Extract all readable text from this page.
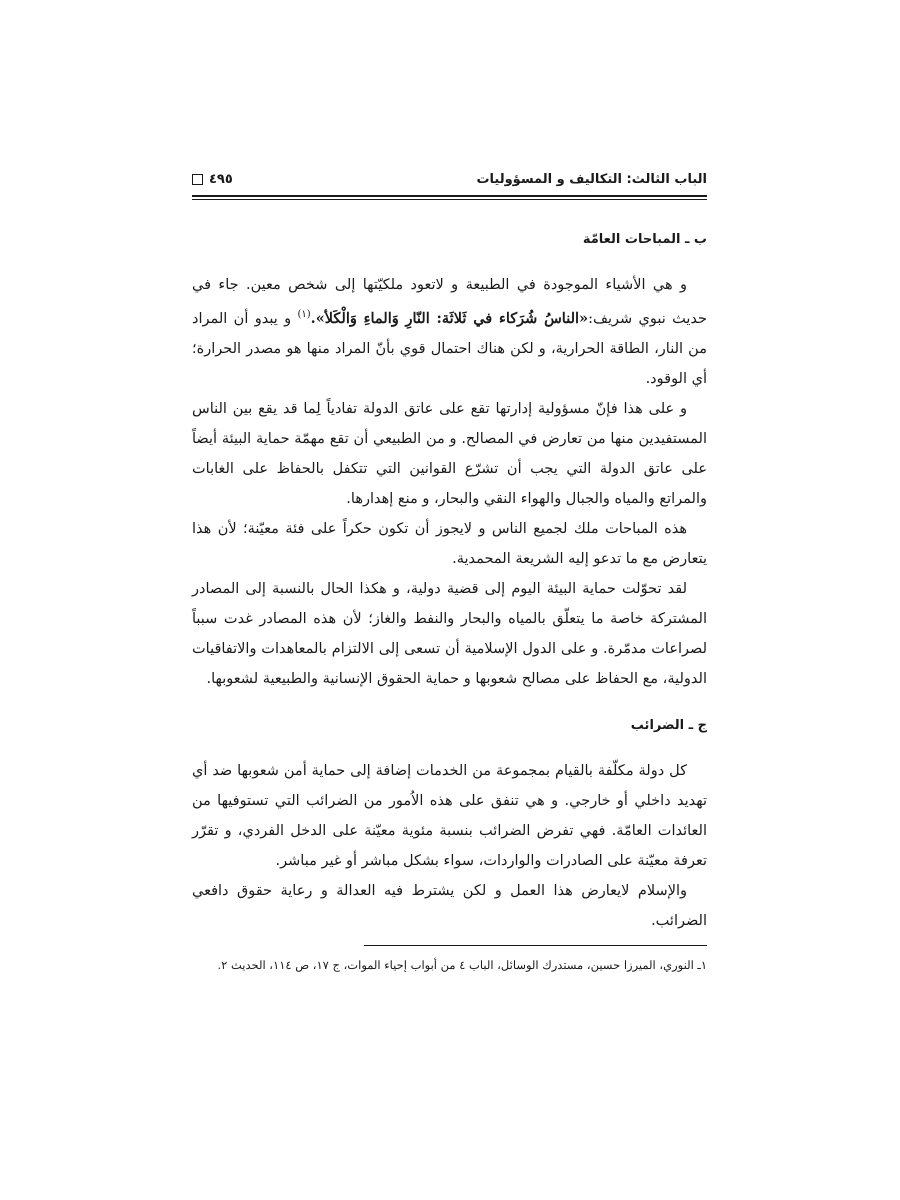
الباب الثالث: التكاليف و المسؤوليات
٤٩٥
ب ـ المباحات العامّة

و هي الأشياء الموجودة في الطبيعة و لاتعود ملكيّتها إلى شخص معين. جاء في حديث نبوي شريف:«الناسُ شُرَكاء في ثَلاثَة: النّارِ وَالماءِ وَالْكَلأ».$^{(١)}$ و يبدو أن المراد من النار، الطاقة الحرارية، و لكن هناك احتمال قوي بأنّ المراد منها هو مصدر الحرارة؛ أي الوقود.

و على هذا فإنّ مسؤولية إدارتها تقع على عاتق الدولة تفادياً لِما قد يقع بين الناس المستفيدين منها من تعارض في المصالح. و من الطبيعي أن تقع مهمّة حماية البيئة أيضاً على عاتق الدولة التي يجب أن تشرّع القوانين التي تتكفل بالحفاظ على الغابات والمراتع والمياه والجبال والهواء النقي والبحار، و منع إهدارها.

هذه المباحات ملك لجميع الناس و لايجوز أن تكون حكراً على فئة معيّنة؛ لأن هذا يتعارض مع ما تدعو إليه الشريعة المحمدية.

لقد تحوّلت حماية البيئة اليوم إلى قضية دولية، و هكذا الحال بالنسبة إلى المصادر المشتركة خاصة ما يتعلّق بالمياه والبحار والنفط والغاز؛ لأن هذه المصادر غدت سبباً لصراعات مدمّرة. و على الدول الإسلامية أن تسعى إلى الالتزام بالمعاهدات والاتفاقيات الدولية، مع الحفاظ على مصالح شعوبها و حماية الحقوق الإنسانية والطبيعية لشعوبها.

ج ـ الضرائب

كل دولة مكلّفة بالقيام بمجموعة من الخدمات إضافة إلى حماية أمن شعوبها ضد أي تهديد داخلي أو خارجي. و هي تنفق على هذه الاُمور من الضرائب التي تستوفيها من العائدات العامّة. فهي تفرض الضرائب بنسبة مئوية معيّنة على الدخل الفردي، و تقرّر تعرفة معيّنة على الصادرات والواردات، سواء بشكل مباشر أو غير مباشر.

والإسلام لايعارض هذا العمل و لكن يشترط فيه العدالة و رعاية حقوق دافعي الضرائب.

١ـ النوري، الميرزا حسين، مستدرك الوسائل، الباب ٤ من أبواب إحياء الموات، ج ١٧، ص ١١٤، الحديث ٢.
